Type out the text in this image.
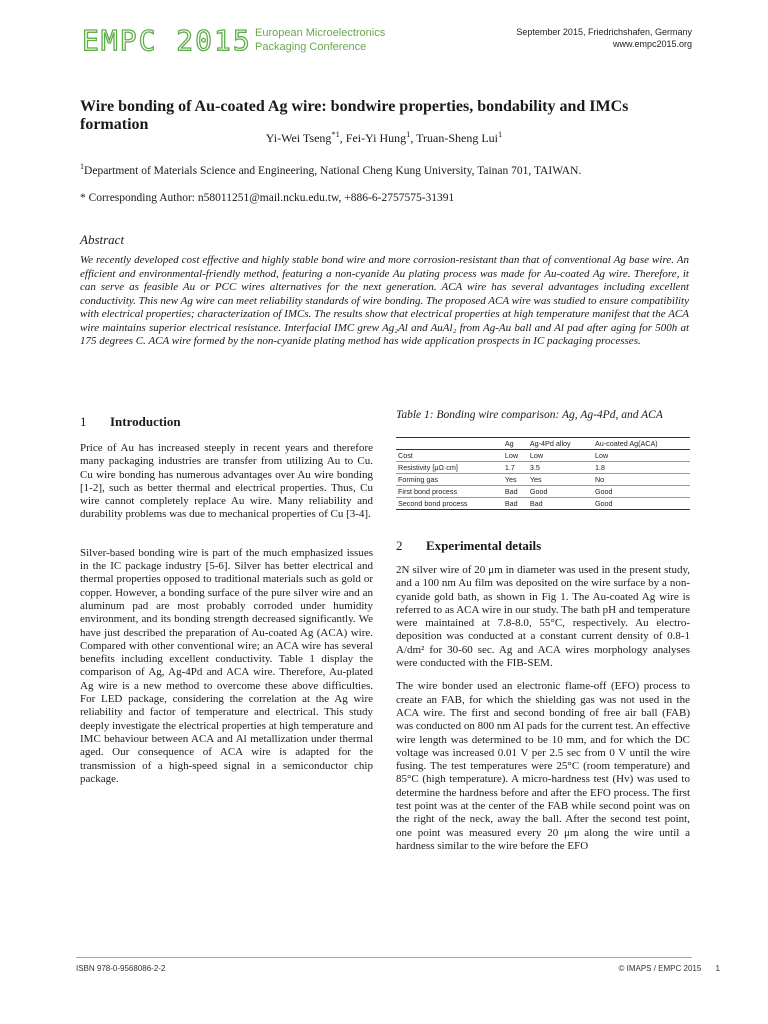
EMPC 2015 European Microelectronics
Packaging Conference
September 2015, Friedrichshafen, Germany
www.empc2015.org
Wire bonding of Au-coated Ag wire: bondwire properties, bondability and IMCs formation
Yi-Wei Tseng$^{*1}$, Fei-Yi Hung$^1$, Truan-Sheng Lui$^1$
$^1$Department of Materials Science and Engineering, National Cheng Kung University, Tainan 701, TAIWAN.
* Corresponding Author: n58011251@mail.ncku.edu.tw, +886-6-2757575-31391
Abstract
We recently developed cost effective and highly stable bond wire and more corrosion-resistant than that of conventional Ag base wire. An efficient and environmental-friendly method, featuring a non-cyanide Au plating process was made for Au-coated Ag wire. Therefore, it can serve as feasible Au or PCC wires alternatives for the next generation. ACA wire has several advantages including excellent conductivity. This new Ag wire can meet reliability standards of wire bonding. The proposed ACA wire was studied to ensure compatibility with electrical properties; characterization of IMCs. The results show that electrical properties at high temperature manifest that the ACA wire maintains superior electrical resistance. Interfacial IMC grew Ag₂Al and AuAl₂ from Ag-Au ball and Al pad after aging for 500h at 175 degrees C. ACA wire formed by the non-cyanide plating method has wide application prospects in IC packaging processes.
1	Introduction

Price of Au has increased steeply in recent years and therefore many packaging industries are transfer from utilizing Au to Cu. Cu wire bonding has numerous advantages over Au wire bonding [1-2], such as better thermal and electrical properties. Thus, Cu wire cannot completely replace Au wire. Many reliability and durability problems was due to mechanical properties of Cu [3-4].

Silver-based bonding wire is part of the much emphasized issues in the IC package industry [5-6]. Silver has better electrical and thermal properties opposed to traditional materials such as gold or copper. However, a bonding surface of the pure silver wire and an aluminum pad are most probably corroded under humidity environment, and its bonding strength decreased significantly. We have just described the preparation of Au-coated Ag (ACA) wire. Compared with other conventional wire; an ACA wire has several benefits including excellent conductivity. Table 1 display the comparison of Ag, Ag-4Pd and ACA wire. Therefore, Au-plated Ag wire is a new method to overcome these above difficulties. For LED package, considering the correlation at the Ag wire reliability and factor of temperature and electrical. This study deeply investigate the electrical properties at high temperature and IMC behaviour between ACA and Al metallization under thermal aged. Our consequence of ACA wire is adapted for the transmission of a high-speed signal in a semiconductor chip package.

Table 1: Bonding wire comparison: Ag, Ag-4Pd, and ACA
	Ag	Ag-4Pd alloy	Au-coated Ag(ACA)
Cost	Low	Low	Low
Resistivity [μΩ·cm]	1.7	3.5	1.8
Forming gas	Yes	Yes	No
First bond process	Bad	Good	Good
Second bond process	Bad	Bad	Good
2	Experimental details

2N silver wire of 20 μm in diameter was used in the present study, and a 100 nm Au film was deposited on the wire surface by a non-cyanide gold bath, as shown in Fig 1. The Au-coated Ag wire is referred to as ACA wire in our study. The bath pH and temperature were maintained at 7.8-8.0, 55°C, respectively. Au electro-deposition was conducted at a constant current density of 0.8-1 A/dm² for 30-60 sec. Ag and ACA wires morphology analyses were conducted with the FIB-SEM.

The wire bonder used an electronic flame-off (EFO) process to create an FAB, for which the shielding gas was not used in the ACA wire. The first and second bonding of free air ball (FAB) was conducted on 800 nm Al pads for the current test. An effective wire length was determined to be 10 mm, and for which the DC voltage was increased 0.01 V per 2.5 sec from 0 V until the wire fusing. The test temperatures were 25°C (room temperature) and 85°C (high temperature). A micro-hardness test (Hv) was used to determine the hardness before and after the EFO process. The first test point was at the center of the FAB while second point was on the right of the neck, away the ball. After the second test point, one point was measured every 20 μm along the wire until a hardness similar to the wire before the EFO

ISBN 978-0-9568086-2-2	© IMAPS / EMPC 2015 1
